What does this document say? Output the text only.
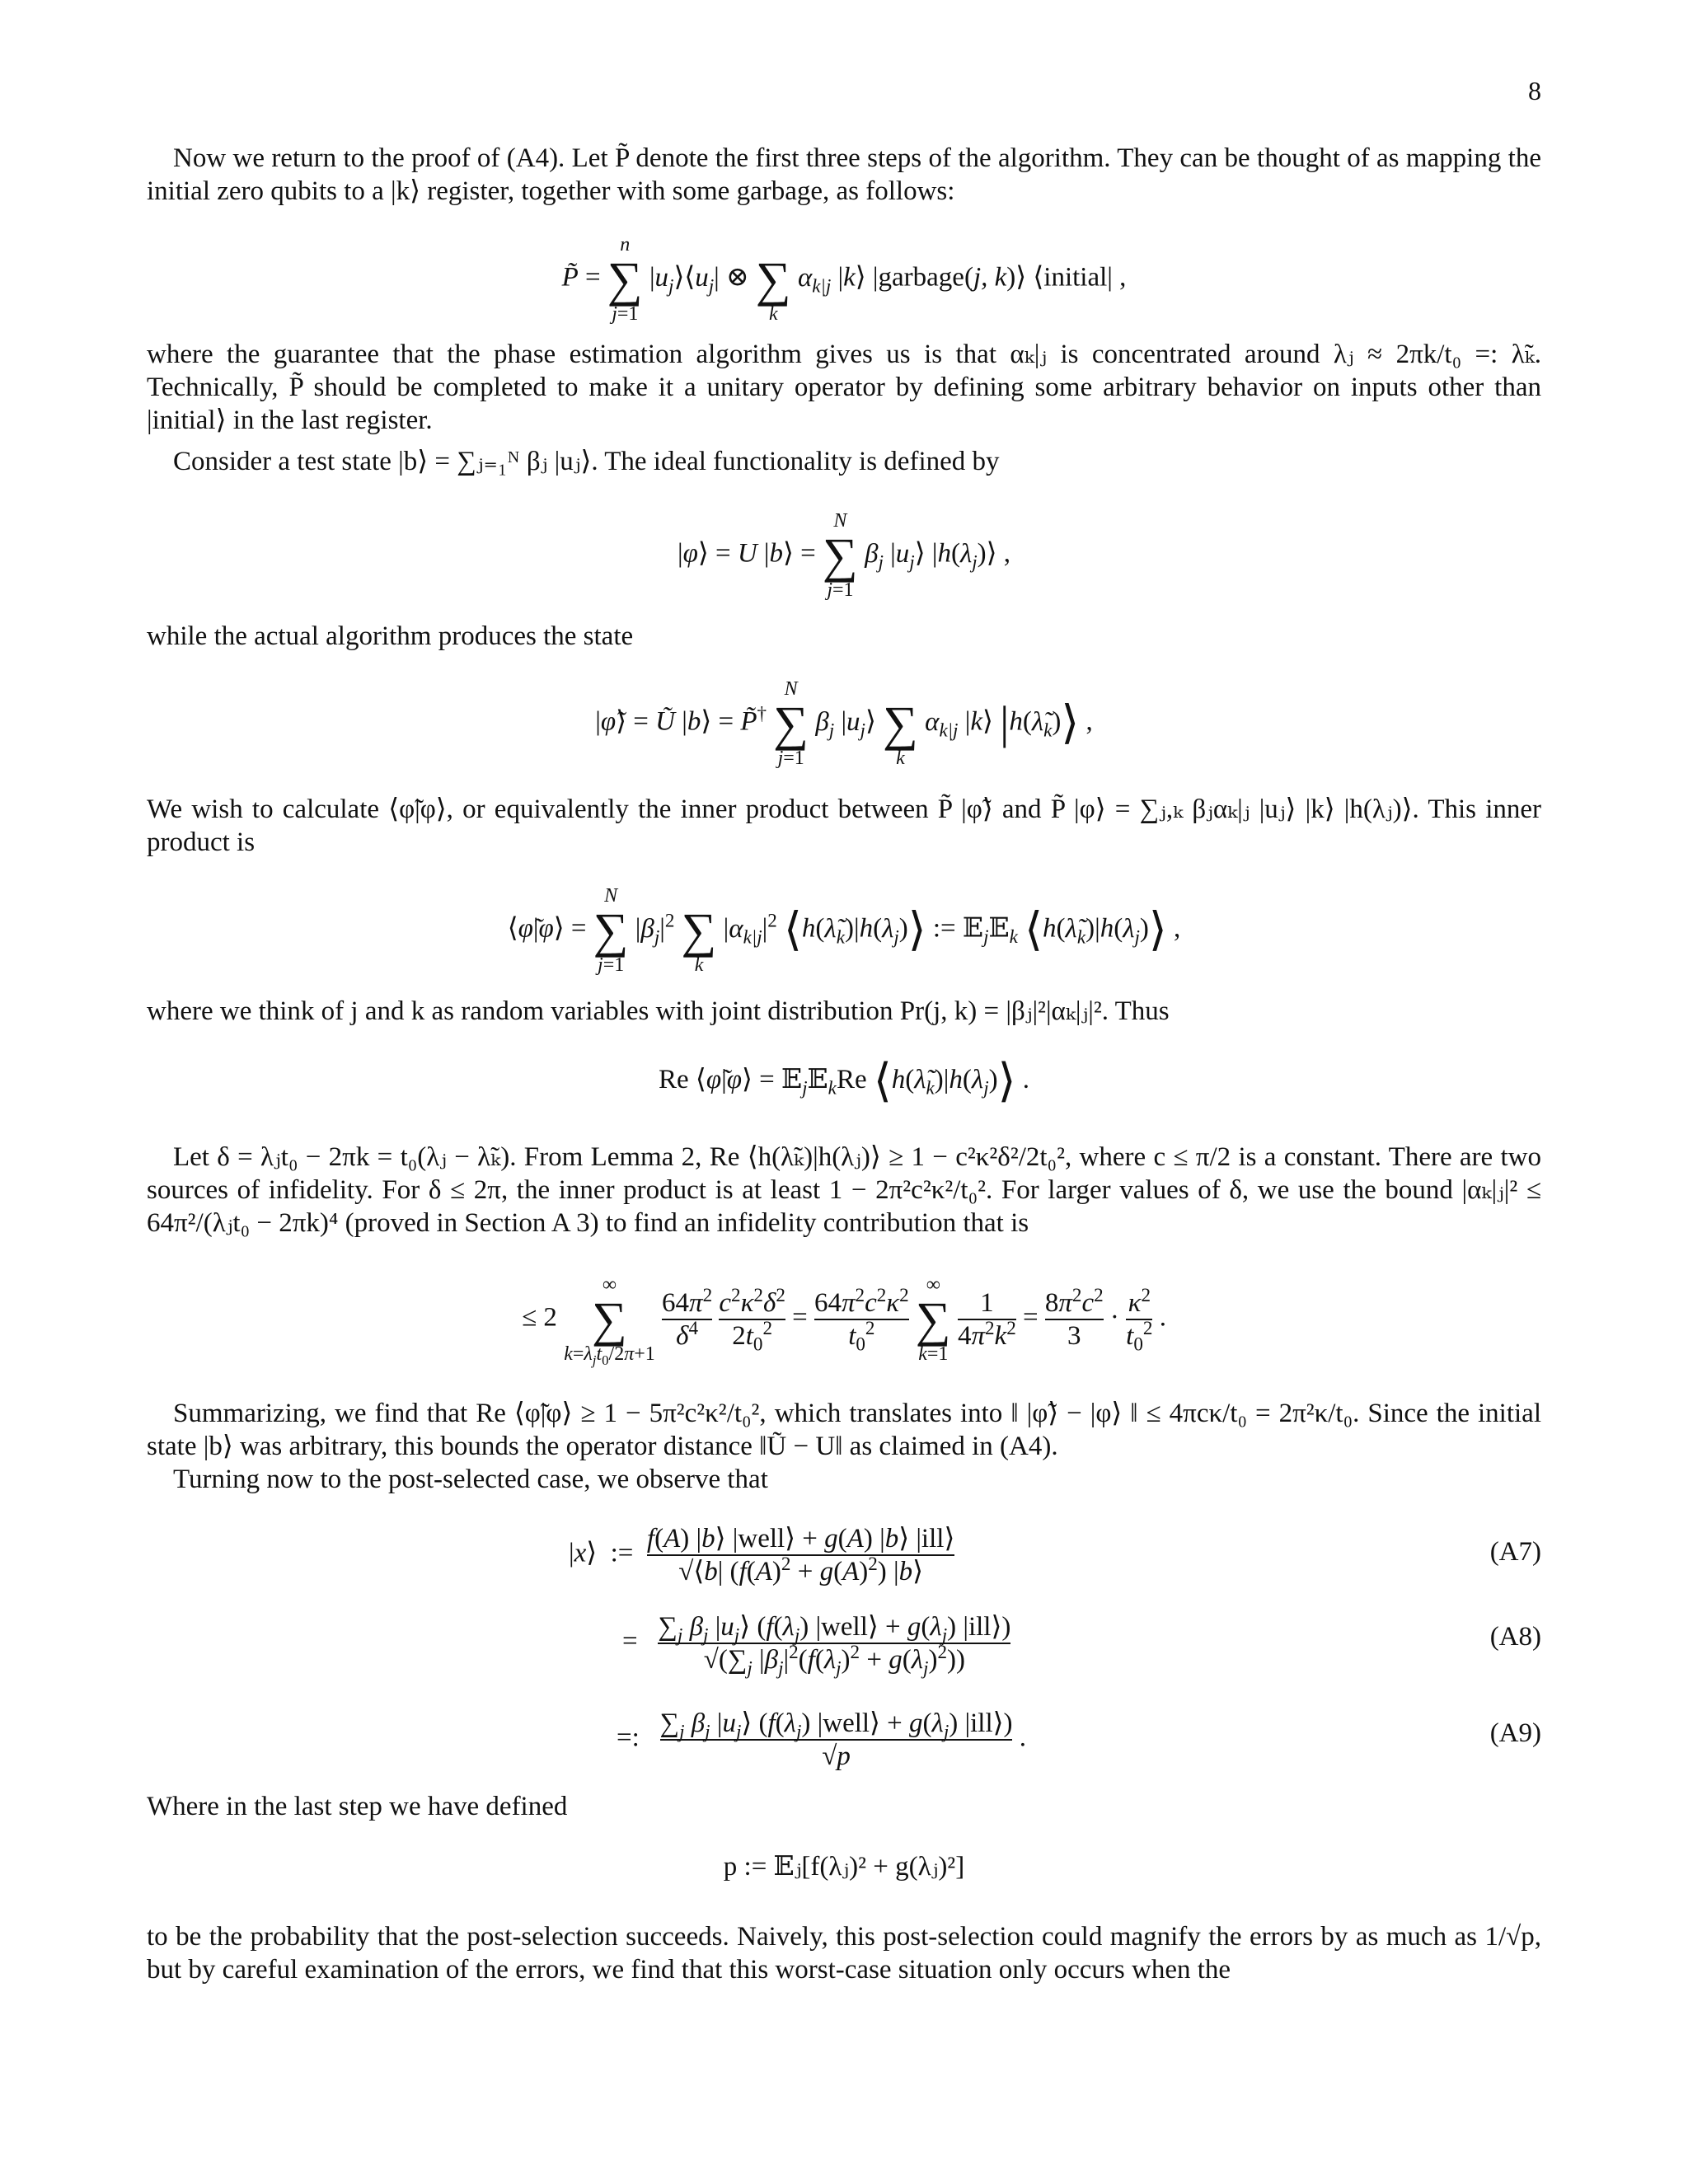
8
Now we return to the proof of (A4). Let P̃ denote the first three steps of the algorithm. They can be thought of as mapping the initial zero qubits to a |k⟩ register, together with some garbage, as follows:
P̃ =
n
∑
j=1
$|u_j⟩⟨u_j|$ ⊗
∑
k
$\alpha_{k|j}$ |k⟩ |garbage(j, k)⟩ ⟨initial| ,
where the guarantee that the phase estimation algorithm gives us is that αₖ|ⱼ is concentrated around λⱼ ≈ 2πk/t₀ =: λ̃ₖ. Technically, P̃ should be completed to make it a unitary operator by defining some arbitrary behavior on inputs other than |initial⟩ in the last register.
Consider a test state |b⟩ = ∑ⱼ₌₁ᴺ βⱼ |uⱼ⟩. The ideal functionality is defined by
|φ⟩ = U |b⟩ =
N
∑
j=1
$\beta_j$ $|u_j⟩$ $|h(\lambda_j)⟩$ ,
while the actual algorithm produces the state
|φ̃⟩ = Ũ |b⟩ = P̃†
N
∑
j=1
$\beta_j$ $|u_j⟩$
∑
k
$\alpha_{k|j}$ |k⟩ $|h(\lambdã_k)⟩$ ,
We wish to calculate ⟨φ̃|φ⟩, or equivalently the inner product between P̃ |φ̃⟩ and P̃ |φ⟩ = ∑ⱼ,ₖ βⱼαₖ|ⱼ |uⱼ⟩ |k⟩ |h(λⱼ)⟩. This inner product is
⟨φ̃|φ⟩ =
N
∑
j=1
$|\beta_j|^2$
∑
k
$|\alpha_{k|j}|^2$ $⟨h(\lambdã_k)|h(\lambda_j)⟩$ := 𝔼$_j$𝔼$_k$ $⟨h(\lambdã_k)|h(\lambda_j)⟩$ ,
where we think of j and k as random variables with joint distribution Pr(j, k) = |βⱼ|²|αₖ|ⱼ|². Thus
Re ⟨φ̃|φ⟩ = 𝔼$_j$𝔼$_k$Re $⟨h(\lambdã_k)|h(\lambda_j)⟩$ .
Let δ = λⱼt₀ − 2πk = t₀(λⱼ − λ̃ₖ). From Lemma 2, Re ⟨h(λ̃ₖ)|h(λⱼ)⟩ ≥ 1 − c²κ²δ²/2t₀², where c ≤ π/2 is a constant. There are two sources of infidelity. For δ ≤ 2π, the inner product is at least 1 − 2π²c²κ²/t₀². For larger values of δ, we use the bound |αₖ|ⱼ|² ≤ 64π²/(λⱼt₀ − 2πk)⁴ (proved in Section A 3) to find an infidelity contribution that is
≤ 2
∞
∑
$k=\lambda_jt_0/2\pi+1$

$\frac{64\pi^2}{\delta^4}$
$\frac{c^2\kappa^2\delta^2}{2t_0^2} = \frac{64\pi^2c^2\kappa^2}{t_0^2}$

∞
∑
k=1

$\frac{1}{4\pi^2k^2} = \frac{8\pi^2c^2}{3} \cdot \frac{\kappa^2}{t_0^2}$ .
Summarizing, we find that Re ⟨φ̃|φ⟩ ≥ 1 − 5π²c²κ²/t₀², which translates into ‖ |φ̃⟩ − |φ⟩ ‖ ≤ 4πcκ/t₀ = 2π²κ/t₀. Since the initial state |b⟩ was arbitrary, this bounds the operator distance ‖Ũ − U‖ as claimed in (A4).
Turning now to the post-selected case, we observe that
|x⟩  := $\frac{\text{f(A) |b⟩ |well⟩ + g(A) |b⟩ |ill⟩}}{√⟨b| (f(A)^2 + g(A)^2) |b⟩}$	(A7)
= $\frac{\sum_j \beta_j |u_j⟩ (f(\lambda_j) |well⟩ + g(\lambda_j) |ill⟩)}{√(\sum_j |\beta_j|^2(f(\lambda_j)^2 + g(\lambda_j)^2))}$	(A8)
=: $\frac{\sum_j \beta_j |u_j⟩ (f(\lambda_j) |well⟩ + g(\lambda_j) |ill⟩)}{√p}$ .	(A9)
Where in the last step we have defined
p := 𝔼ⱼ[f(λⱼ)² + g(λⱼ)²]
to be the probability that the post-selection succeeds. Naively, this post-selection could magnify the errors by as much as 1/√p, but by careful examination of the errors, we find that this worst-case situation only occurs when the
